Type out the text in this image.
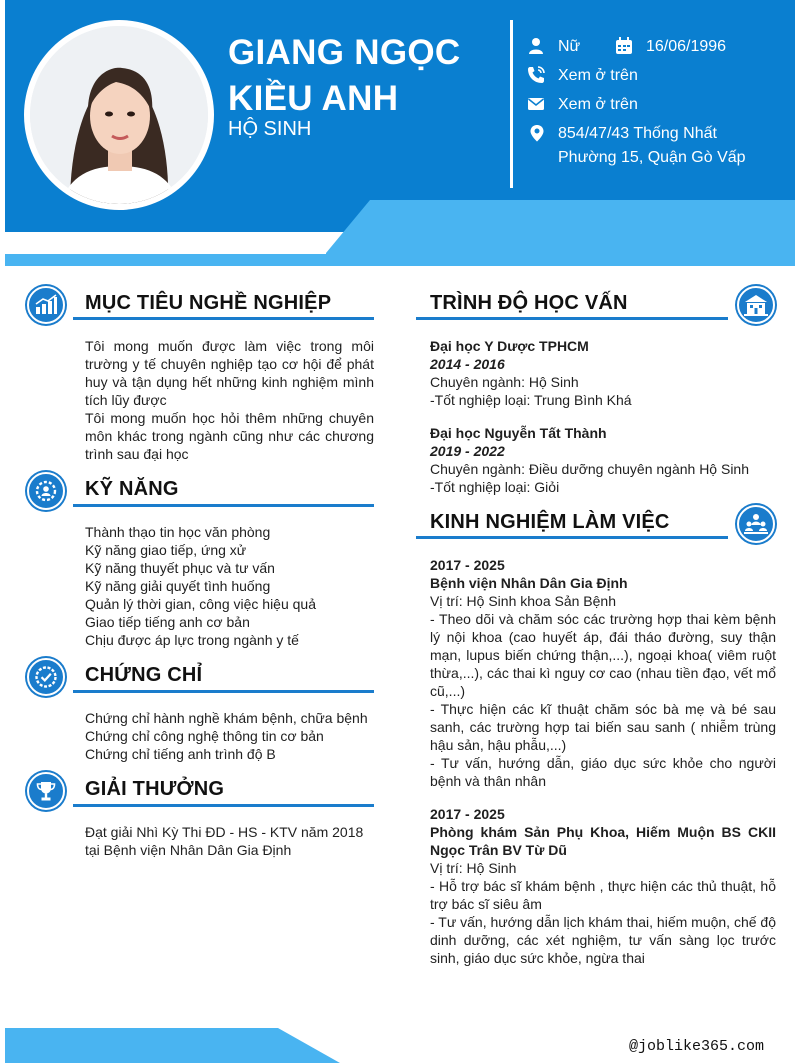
GIANG NGỌC
KIỀU ANH
HỘ SINH
Nữ	16/06/1996
Xem ở trên
Xem ở trên
854/47/43 Thống Nhất
Phường 15, Quận Gò Vấp
MỤC TIÊU NGHỀ NGHIỆP

Tôi mong muốn được làm việc trong môi trường y tế chuyên nghiệp tạo cơ hội để phát huy và tận dụng hết những kinh nghiệm mình tích lũy được

Tôi mong muốn học hỏi thêm những chuyên môn khác trong ngành cũng như các chương trình sau đại học

KỸ NĂNG

Thành thạo tin học văn phòng

Kỹ năng giao tiếp, ứng xử

Kỹ năng thuyết phục và tư vấn

Kỹ năng giải quyết tình huống

Quản lý thời gian, công việc hiệu quả

Giao tiếp tiếng anh cơ bản

Chịu được áp lực trong ngành y tế

CHỨNG CHỈ

Chứng chỉ hành nghề khám bệnh, chữa bệnh

Chứng chỉ công nghệ thông tin cơ bản

Chứng chỉ tiếng anh trình độ B

GIẢI THƯỞNG
Đạt giải Nhì Kỳ Thi ĐD - HS - KTV năm 2018 tại Bệnh viện Nhân Dân Gia Định
TRÌNH ĐỘ HỌC VẤN

Đại học Y Dược TPHCM

2014 - 2016

Chuyên ngành: Hộ Sinh

-Tốt nghiệp loại: Trung Bình Khá

Đại học Nguyễn Tất Thành

2019 - 2022

Chuyên ngành: Điều dưỡng chuyên ngành Hộ Sinh

-Tốt nghiệp loại: Giỏi

KINH NGHIỆM LÀM VIỆC

2017 - 2025

Bệnh viện Nhân Dân Gia Định

Vị trí: Hộ Sinh khoa Sản Bệnh

- Theo dõi và chăm sóc các trường hợp thai kèm bệnh lý nội khoa (cao huyết áp, đái tháo đường, suy thận mạn, lupus biến chứng thận,...), ngoại khoa( viêm ruột thừa,...), các thai kì nguy cơ cao (nhau tiền đạo, vết mổ cũ,...)

- Thực hiện các kĩ thuật chăm sóc bà mẹ và bé sau sanh, các trường hợp tai biến sau sanh ( nhiễm trùng hậu sản, hậu phẫu,...)

- Tư vấn, hướng dẫn, giáo dục sức khỏe cho người bệnh và thân nhân

2017 - 2025

Phòng khám Sản Phụ Khoa, Hiếm Muộn BS CKII Ngọc Trân BV Từ Dũ

Vị trí: Hộ Sinh

- Hỗ trợ bác sĩ khám bệnh , thực hiện các thủ thuật, hỗ trợ bác sĩ siêu âm

- Tư vấn, hướng dẫn lịch khám thai, hiếm muộn, chế độ dinh dưỡng, các xét nghiệm, tư vấn sàng lọc trước sinh, giáo dục sức khỏe, ngừa thai

@joblike365.com
